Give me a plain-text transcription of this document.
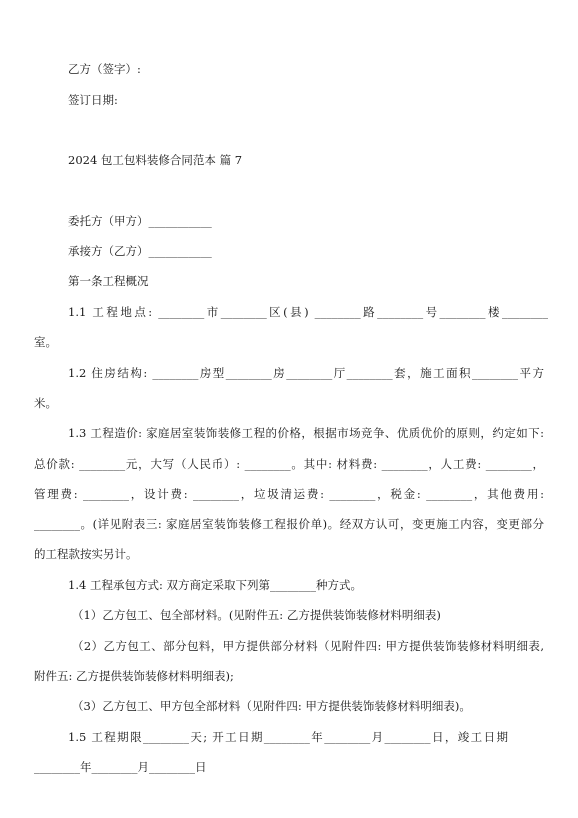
乙方（签字）:
签订日期:
2024 包工包料装修合同范本 篇 7
委托方（甲方）___________
承接方（乙方）___________
第一条工程概况
1.1 工程地点: ________市________区(县) ________路________号________楼________
室。
1.2 住房结构: ________房型________房________厅________套，施工面积________平方
米。
1.3 工程造价: 家庭居室装饰装修工程的价格，根据市场竞争、优质优价的原则，约定如下:
总价款: ________元，大写（人民币）: ________。其中: 材料费: ________，人工费: ________，
管理费: ________，设计费: ________，垃圾清运费: ________，税金: ________，其他费用:
________。(详见附表三: 家庭居室装饰装修工程报价单)。经双方认可，变更施工内容，变更部分
的工程款按实另计。
1.4 工程承包方式: 双方商定采取下列第________种方式。
（1）乙方包工、包全部材料。(见附件五: 乙方提供装饰装修材料明细表)
（2）乙方包工、部分包料，甲方提供部分材料（见附件四: 甲方提供装饰装修材料明细表,
附件五: 乙方提供装饰装修材料明细表);
（3）乙方包工、甲方包全部材料（见附件四: 甲方提供装饰装修材料明细表)。
1.5 工程期限________天; 开工日期________年________月________日，竣工日期
________年________月________日
